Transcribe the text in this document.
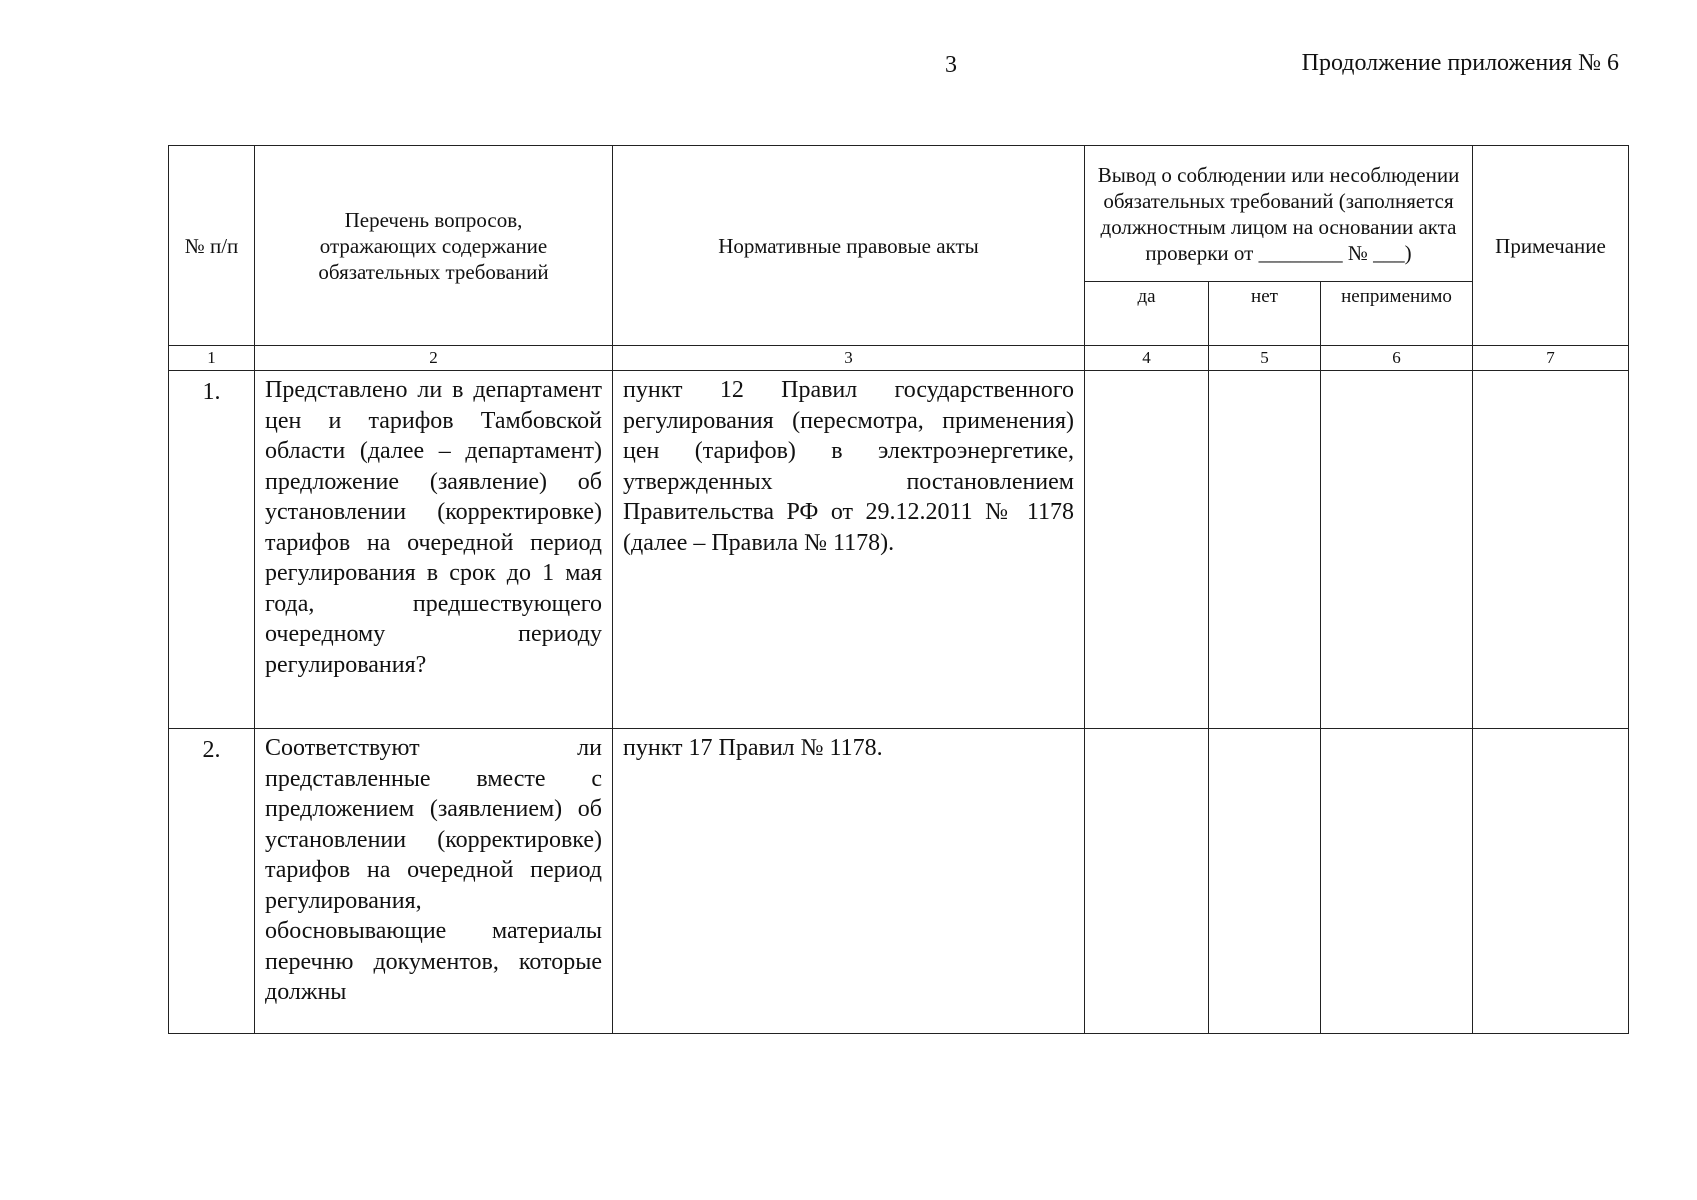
3	Продолжение приложения № 6
№ п/п	Перечень вопросов, отражающих содержание обязательных требований	Нормативные правовые акты	Вывод о соблюдении или несоблюдении обязательных требований (заполняется должностным лицом на основании акта проверки от ________ № ___)			Примечание
			да	нет	неприменимо	
1	2	3	4	5	6	7
1.	Представлено ли в департамент цен и тарифов Тамбовской области (далее – департамент) предложение (заявление) об установлении (корректировке) тарифов на очередной период регулирования в срок до 1 мая года, предшествующего очередному периоду регулирования?	пункт 12 Правил государственного регулирования (пересмотра, применения) цен (тарифов) в электроэнергетике, утвержденных постановлением Правительства РФ от 29.12.2011 № 1178 (далее – Правила № 1178).				
2.	Соответствуют ли представленные вместе с предложением (заявлением) об установлении (корректировке) тарифов на очередной период регулирования, обосновывающие материалы перечню документов, которые должны	пункт 17 Правил № 1178.				
